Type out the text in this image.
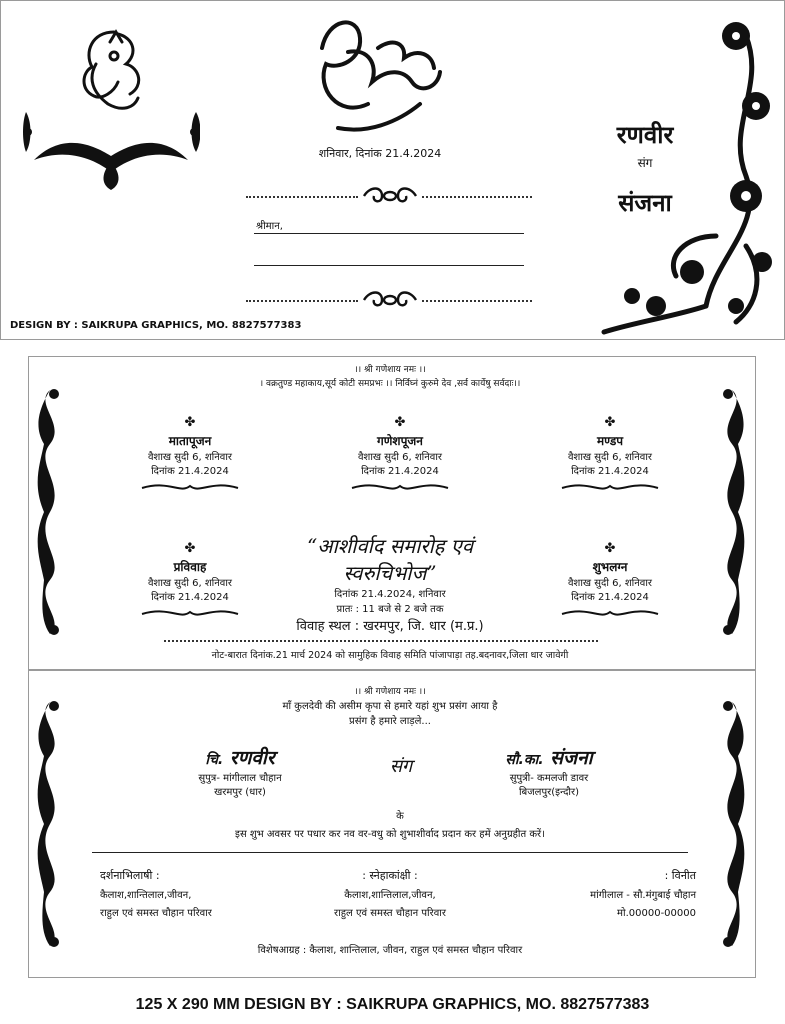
शनिवार, दिनांक 21.4.2024
श्रीमान,
DESIGN BY : SAIKRUPA GRAPHICS, MO. 8827577383
रणवीर
संग
संजना
।। श्री गणेशाय नमः ।।
। वक्रतुण्ड महाकाय,सूर्य कोटी समप्रभः ।। निर्विघ्नं कुरुमे देव ,सर्व कार्येषु सर्वदाः।।
✤
मातापूजन
वैशाख सुदी 6, शनिवार
दिनांक 21.4.2024
✤
गणेशपूजन
वैशाख सुदी 6, शनिवार
दिनांक 21.4.2024
✤
मण्डप
वैशाख सुदी 6, शनिवार
दिनांक 21.4.2024
✤
प्रविवाह
वैशाख सुदी 6, शनिवार
दिनांक 21.4.2024
✤
शुभलग्न
वैशाख सुदी 6, शनिवार
दिनांक 21.4.2024
“आशीर्वाद समारोह एवं स्वरुचिभोज”
दिनांक 21.4.2024, शनिवार
प्रातः : 11 बजे से 2 बजे तक
विवाह स्थल : खरमपुर, जि. धार (म.प्र.)
नोट-बारात दिनांक.21 मार्च 2024 को सामुहिक विवाह समिति पांजापाड़ा तह.बदनावर,जिला धार जावेगी
।। श्री गणेशाय नमः ।।
माँ कुलदेवी की असीम कृपा से हमारे यहां शुभ प्रसंग आया है
प्रसंग है हमारे लाड़ले...
चि. रणवीर
सुपुत्र- मांगीलाल चौहान
खरमपुर (धार)
संग	सौ.का. संजना
सुपुत्री- कमलजी डावर
बिजलपुर(इन्दौर)
के
इस शुभ अवसर पर पधार कर नव वर-वधु को शुभाशीर्वाद प्रदान कर हमें अनुग्रहीत करें।
दर्शनाभिलाषी :
कैलाश,शान्तिलाल,जीवन,
राहुल एवं समस्त चौहान परिवार
: स्नेहाकांक्षी :
कैलाश,शान्तिलाल,जीवन,
राहुल एवं समस्त चौहान परिवार
: विनीत
मांगीलाल - सौ.मंगुबाई चौहान
मो.00000-00000
विशेषआग्रह : कैलाश, शान्तिलाल, जीवन, राहुल एवं समस्त चौहान परिवार
125 X 290 MM DESIGN BY : SAIKRUPA GRAPHICS, MO. 8827577383
